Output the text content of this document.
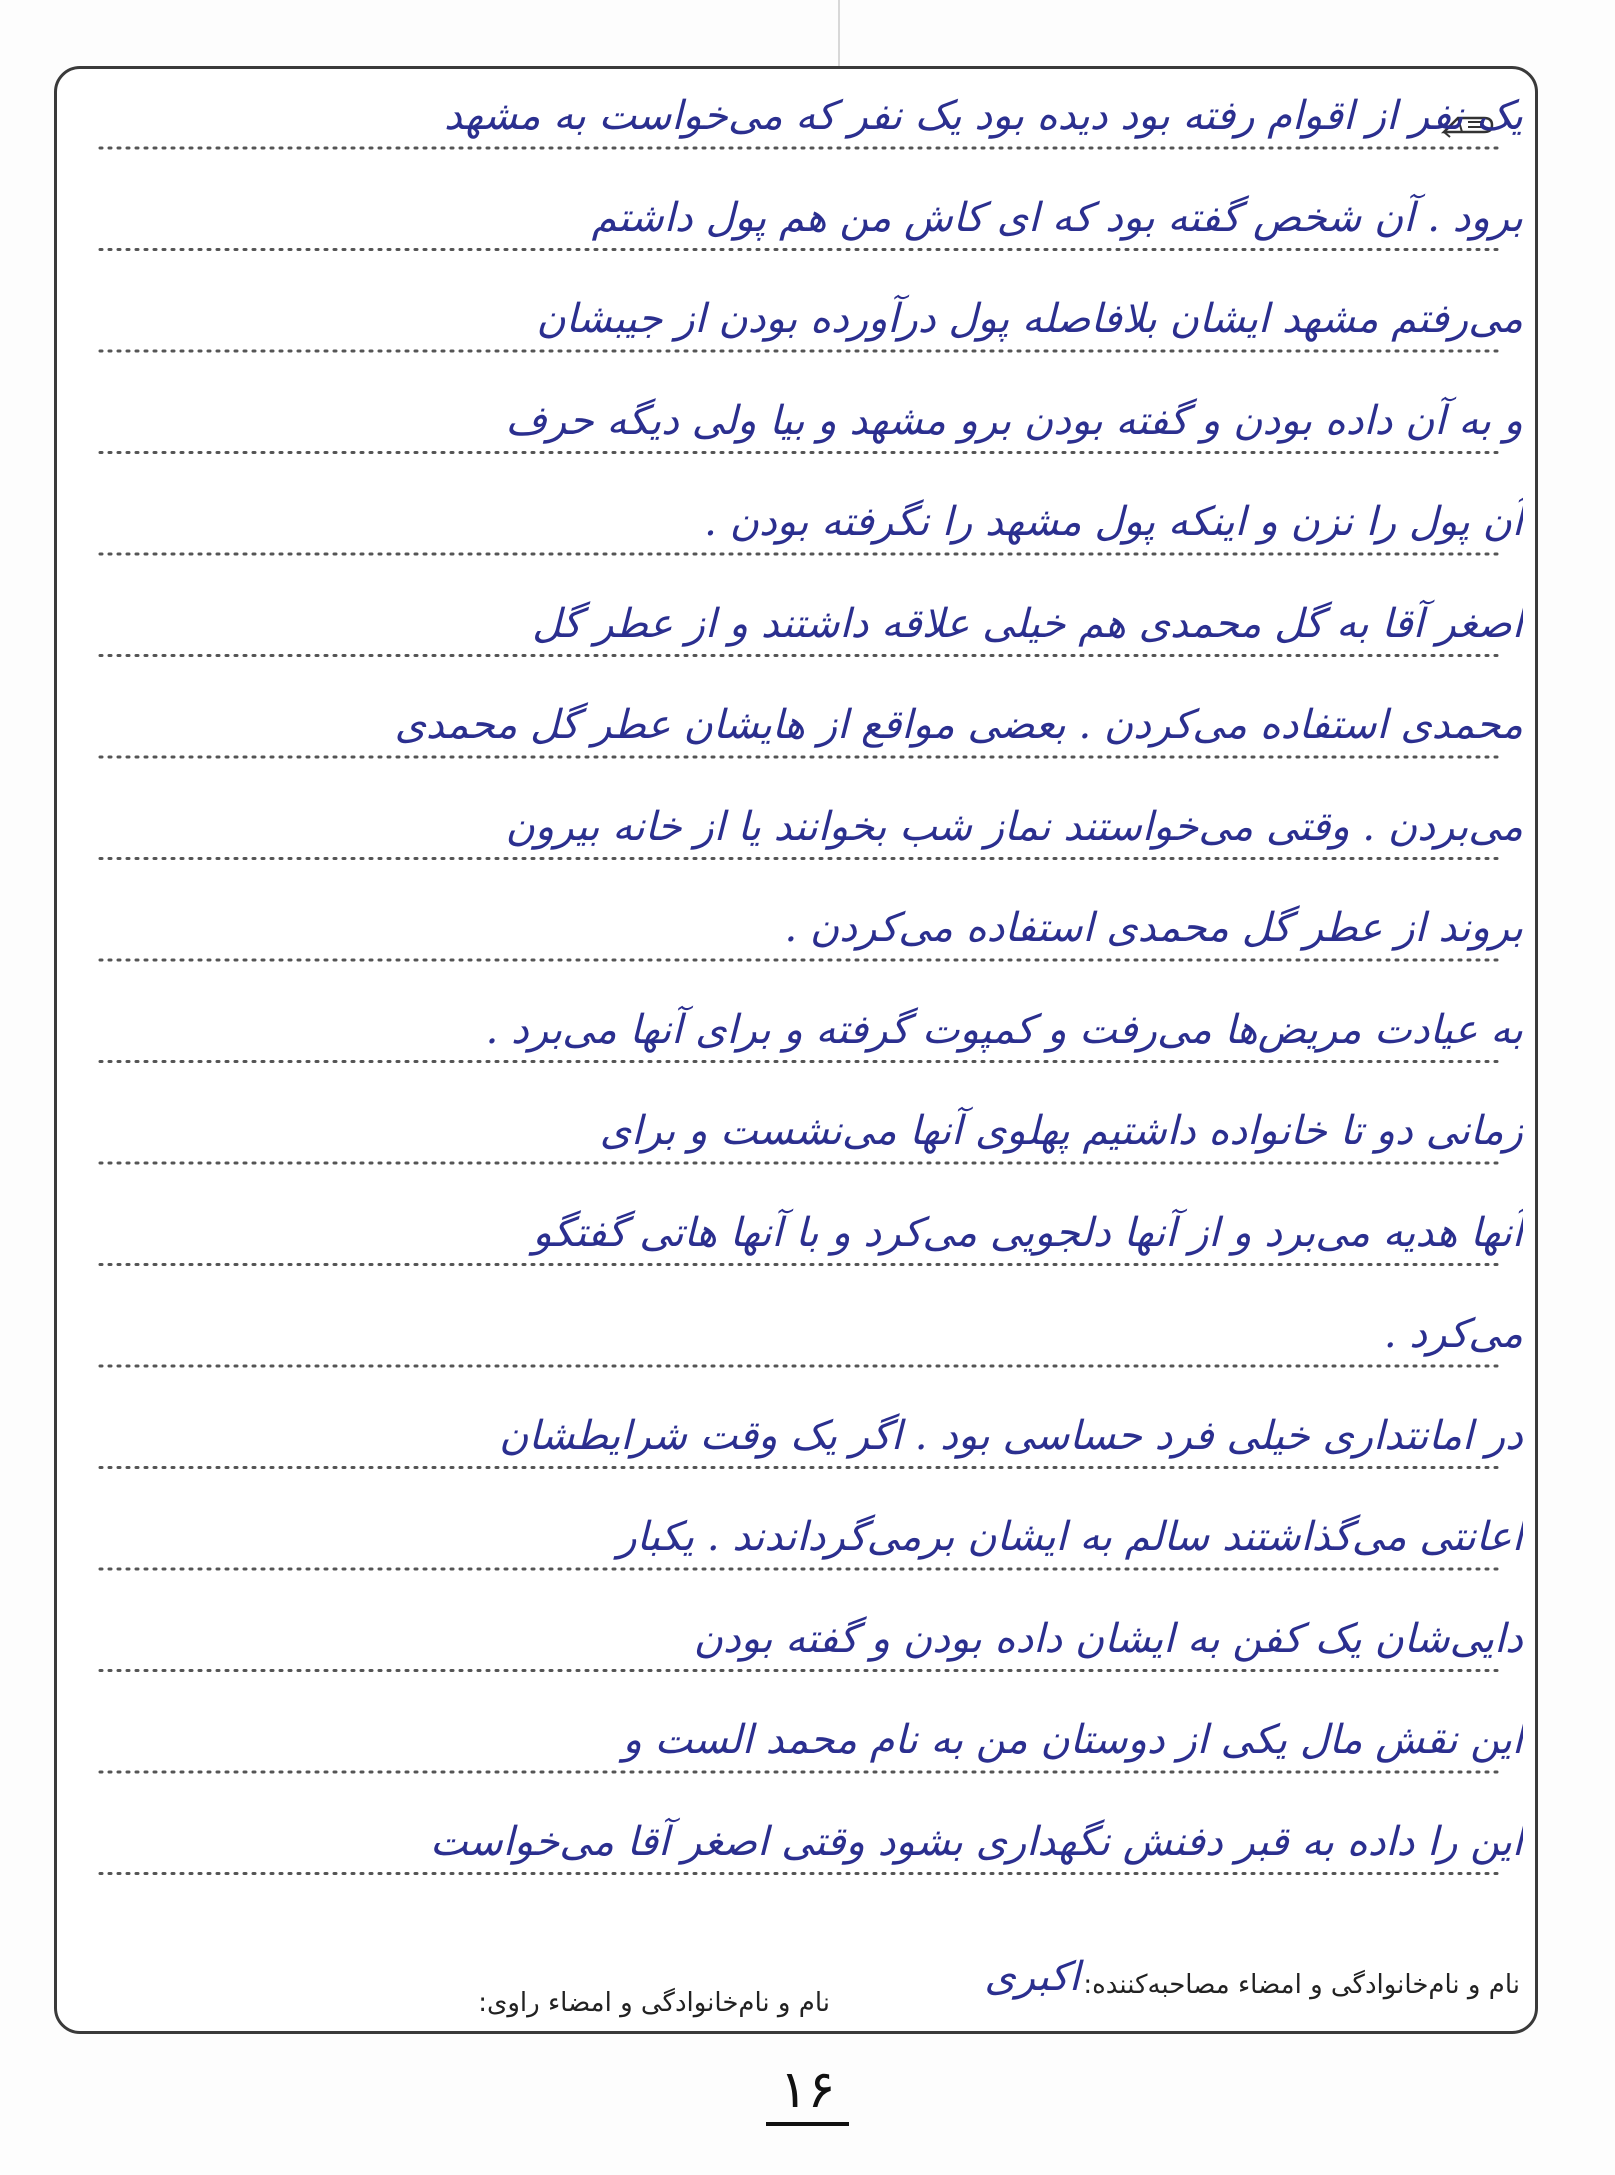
یک نفر از اقوام رفته بود دیده بود یک نفر که می‌خواست به مشهد
برود . آن شخص گفته بود که ای کاش من هم پول داشتم
می‌رفتم مشهد ایشان بلافاصله پول درآورده بودن از جیبشان
و به آن داده بودن و گفته بودن برو مشهد و بیا ولی دیگه حرف
آن پول را نزن و اینکه پول مشهد را نگرفته بودن .
اصغر آقا به گل محمدی هم خیلی علاقه داشتند و از عطر گل
محمدی استفاده می‌کردن . بعضی مواقع از هایشان عطر گل محمدی
می‌بردن . وقتی می‌خواستند نماز شب بخوانند یا از خانه بیرون
بروند از عطر گل محمدی استفاده می‌کردن .
به عیادت مریض‌ها می‌رفت و کمپوت گرفته و برای آنها می‌برد .
زمانی دو تا خانواده داشتیم پهلوی آنها می‌نشست و برای
آنها هدیه می‌برد و از آنها دلجویی می‌کرد و با آنها هاتی گفتگو
می‌کرد .
در امانتداری خیلی فرد حساسی بود . اگر یک وقت شرایطشان
اعانتی می‌گذاشتند سالم به ایشان برمی‌گرداندند . یکبار
دایی‌شان یک کفن به ایشان داده بودن و گفته بودن
این نقش مال یکی از دوستان من به نام محمد الست و
این را داده به قبر دفنش نگهداری بشود وقتی اصغر آقا می‌خواست
نام و نام‌خانوادگی و امضاء مصاحبه‌کننده:
اکبری
نام و نام‌خانوادگی و امضاء راوی:
۱۶
